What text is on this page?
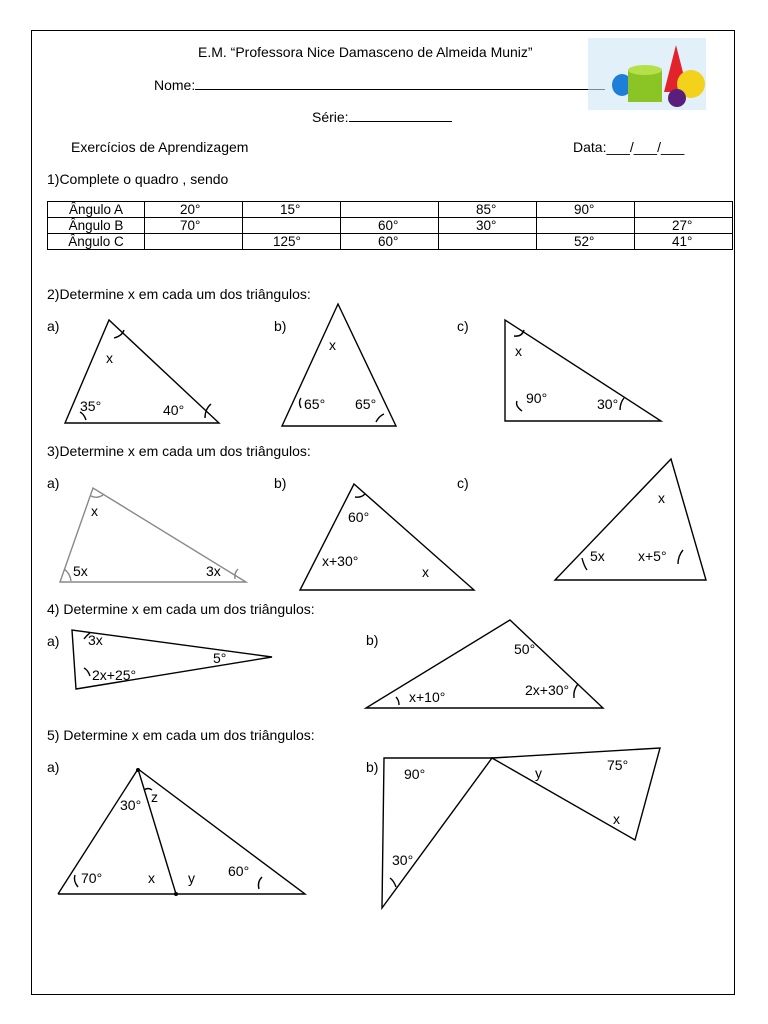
E.M. “Professora Nice Damasceno de Almeida Muniz”
Nome:
Série:
Exercícios de Aprendizagem	Data:___/___/___
1)Complete o quadro , sendo
Ângulo A	20°	15°		85°	90°	
Ângulo B	70°		60°	30°		27°
Ângulo C		125°	60°		52°	41°
2)Determine x em cada um dos triângulos:
3)Determine x em cada um dos triângulos:
4) Determine x em cada um dos triângulos:
5) Determine x em cada um dos triângulos:
a)
x
35°	40°
b)
x
65° 65°
c)
x
90°	30°
a)
x
5x	3x
b)
60°
x+30°
x
c)
x
5x x+5°
a) 3x
2x+25°
5°
b)
50°
x+10°	2x+30°
a)
30° z
70°	x y 60°
b) 90°	y	75°
x
30°
